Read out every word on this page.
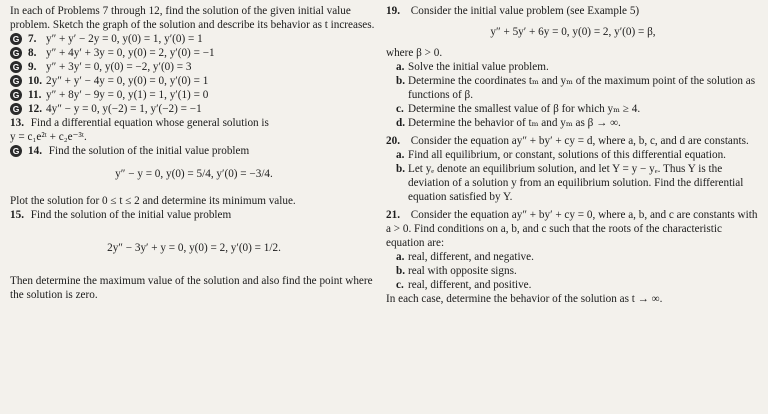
In each of Problems 7 through 12, find the solution of the given initial value problem. Sketch the graph of the solution and describe its behavior as t increases.

G 7. y″ + y′ − 2y = 0, y(0) = 1, y′(0) = 1

G 8. y″ + 4y′ + 3y = 0, y(0) = 2, y′(0) = −1

G 9. y″ + 3y′ = 0, y(0) = −2, y′(0) = 3

G 10. 2y″ + y′ − 4y = 0, y(0) = 0, y′(0) = 1

G 11. y″ + 8y′ − 9y = 0, y(1) = 1, y′(1) = 0

G 12. 4y″ − y = 0, y(−2) = 1, y′(−2) = −1

13. Find a differential equation whose general solution is

y = c₁e²ᵗ + c₂e⁻³ᵗ.

G 14. Find the solution of the initial value problem

y″ − y = 0, y(0) = 5/4, y′(0) = −3/4.

Plot the solution for 0 ≤ t ≤ 2 and determine its minimum value.

15. Find the solution of the initial value problem

2y″ − 3y′ + y = 0, y(0) = 2, y′(0) = 1/2.

Then determine the maximum value of the solution and also find the point where the solution is zero.

19. Consider the initial value problem (see Example 5)

y″ + 5y′ + 6y = 0, y(0) = 2, y′(0) = β,

where β > 0.

a. Solve the initial value problem.

b. Determine the coordinates tₘ and yₘ of the maximum point of the solution as functions of β.

c. Determine the smallest value of β for which yₘ ≥ 4.

d. Determine the behavior of tₘ and yₘ as β → ∞.

20. Consider the equation ay″ + by′ + cy = d, where a, b, c, and d are constants.

a. Find all equilibrium, or constant, solutions of this differential equation.

b. Let yₑ denote an equilibrium solution, and let Y = y − yₑ. Thus Y is the deviation of a solution y from an equilibrium solution. Find the differential equation satisfied by Y.

21. Consider the equation ay″ + by′ + cy = 0, where a, b, and c are constants with a > 0. Find conditions on a, b, and c such that the roots of the characteristic equation are:

a. real, different, and negative.

b. real with opposite signs.

c. real, different, and positive.

In each case, determine the behavior of the solution as t → ∞.
